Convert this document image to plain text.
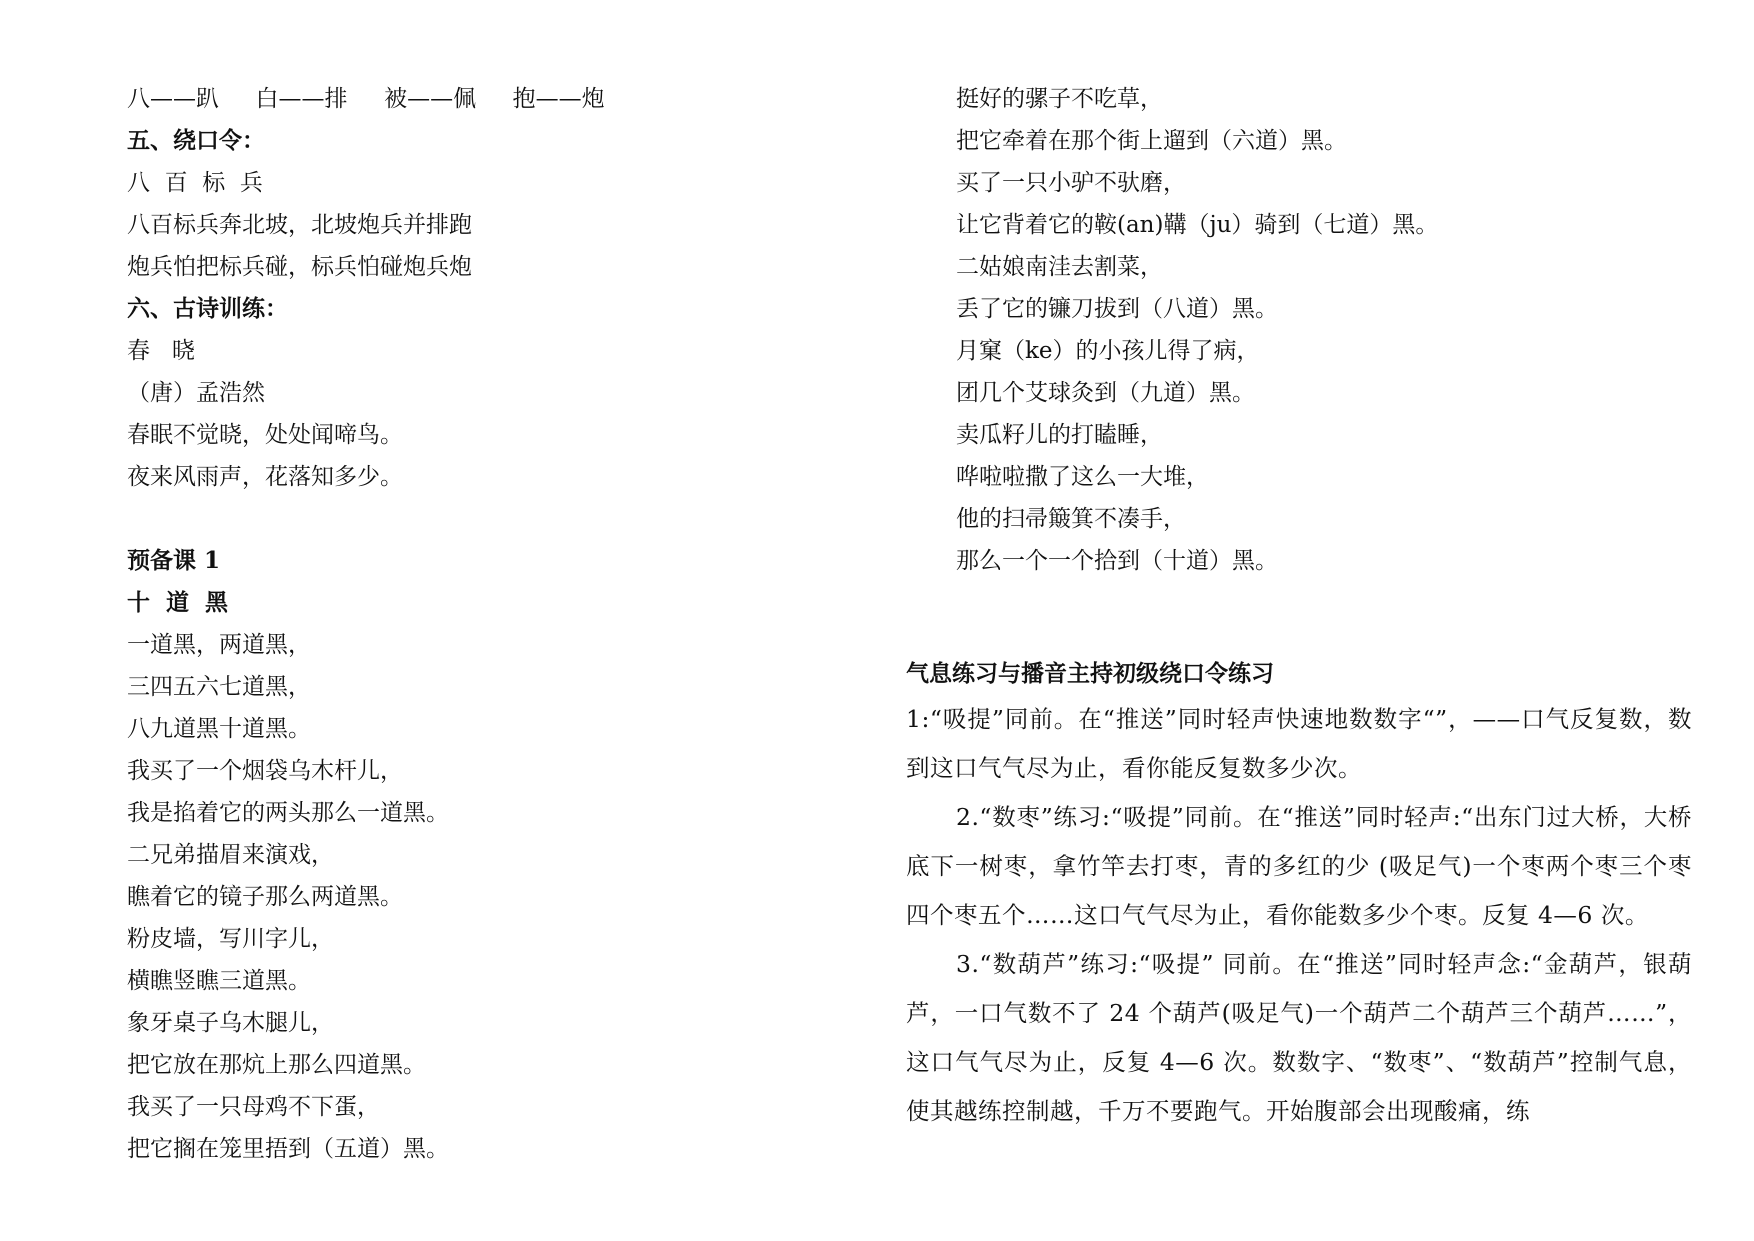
八——趴     白——排     被——佩     抱——炮
五、绕口令：
八  百  标  兵
八百标兵奔北坡，北坡炮兵并排跑
炮兵怕把标兵碰，标兵怕碰炮兵炮
六、古诗训练：
春   晓
（唐）孟浩然
春眠不觉晓，处处闻啼鸟。
夜来风雨声，花落知多少。
预备课 1
十  道  黑
一道黑，两道黑，
三四五六七道黑，
八九道黑十道黑。
我买了一个烟袋乌木杆儿，
我是掐着它的两头那么一道黑。
二兄弟描眉来演戏，
瞧着它的镜子那么两道黑。
粉皮墙，写川字儿，
横瞧竖瞧三道黑。
象牙桌子乌木腿儿，
把它放在那炕上那么四道黑。
我买了一只母鸡不下蛋，
把它搁在笼里捂到（五道）黑。
挺好的骡子不吃草，
把它牵着在那个街上遛到（六道）黑。
买了一只小驴不驮磨，
让它背着它的鞍(an)鞲（ju）骑到（七道）黑。
二姑娘南洼去割菜，
丢了它的镰刀拔到（八道）黑。
月窠（ke）的小孩儿得了病，
团几个艾球灸到（九道）黑。
卖瓜籽儿的打瞌睡，
哗啦啦撒了这么一大堆，
他的扫帚簸箕不凑手，
那么一个一个拾到（十道）黑。
气息练习与播音主持初级绕口令练习

1:“吸提”同前。在“推送”同时轻声快速地数数字“”，——口气反复数，数到这口气气尽为止，看你能反复数多少次。

2.“数枣”练习:“吸提”同前。在“推送”同时轻声:“出东门过大桥，大桥底下一树枣，拿竹竿去打枣，青的多红的少 (吸足气)一个枣两个枣三个枣四个枣五个……这口气气尽为止，看你能数多少个枣。反复 4—6 次。

3.“数葫芦”练习:“吸提” 同前。在“推送”同时轻声念:“金葫芦，银葫芦，一口气数不了 24 个葫芦(吸足气)一个葫芦二个葫芦三个葫芦……”，这口气气尽为止，反复 4—6 次。数数字、“数枣”、“数葫芦”控制气息，使其越练控制越，千万不要跑气。开始腹部会出现酸痛，练
